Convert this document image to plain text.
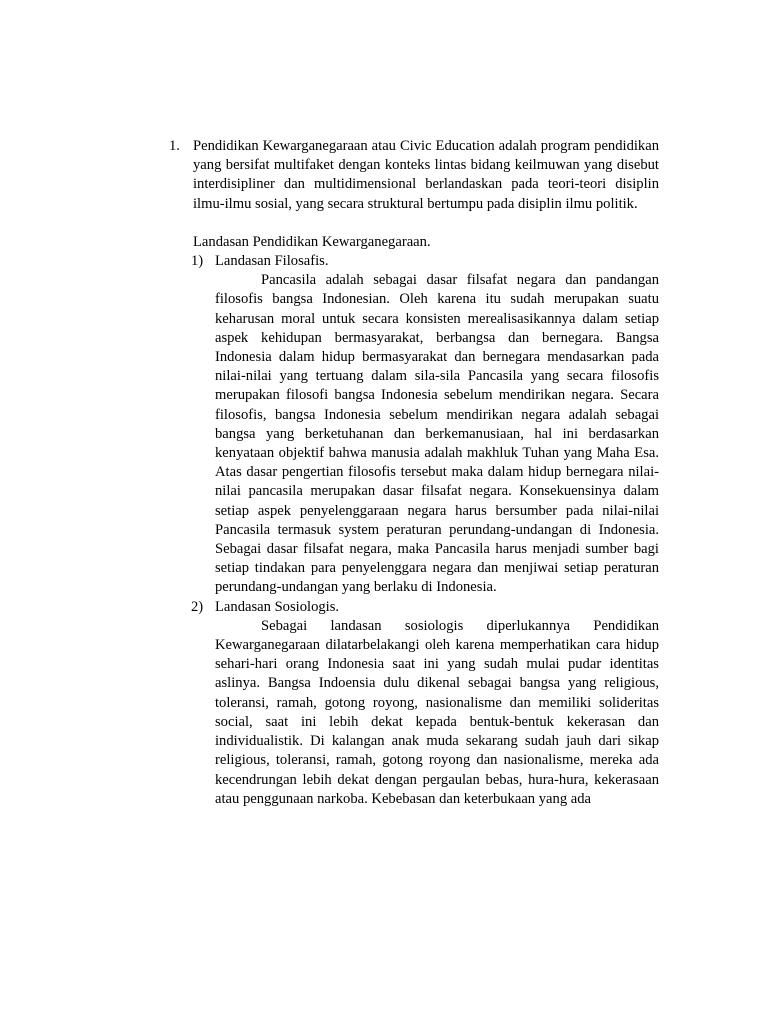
1. Pendidikan Kewarganegaraan atau Civic Education adalah program pendidikan yang bersifat multifaket dengan konteks lintas bidang keilmuwan yang disebut interdisipliner dan multidimensional berlandaskan pada teori-teori disiplin ilmu-ilmu sosial, yang secara struktural bertumpu pada disiplin ilmu politik.
Landasan Pendidikan Kewarganegaraan.
1) Landasan Filosafis.
Pancasila adalah sebagai dasar filsafat negara dan pandangan filosofis bangsa Indonesian. Oleh karena itu sudah merupakan suatu keharusan moral untuk secara konsisten merealisasikannya dalam setiap aspek kehidupan bermasyarakat, berbangsa dan bernegara. Bangsa Indonesia dalam hidup bermasyarakat dan bernegara mendasarkan pada nilai-nilai yang tertuang dalam sila-sila Pancasila yang secara filosofis merupakan filosofi bangsa Indonesia sebelum mendirikan negara. Secara filosofis, bangsa Indonesia sebelum mendirikan negara adalah sebagai bangsa yang berketuhanan dan berkemanusiaan, hal ini berdasarkan kenyataan objektif bahwa manusia adalah makhluk Tuhan yang Maha Esa. Atas dasar pengertian filosofis tersebut maka dalam hidup bernegara nilai-nilai pancasila merupakan dasar filsafat negara. Konsekuensinya dalam setiap aspek penyelenggaraan negara harus bersumber pada nilai-nilai Pancasila termasuk system peraturan perundang-undangan di Indonesia. Sebagai dasar filsafat negara, maka Pancasila harus menjadi sumber bagi setiap tindakan para penyelenggara negara dan menjiwai setiap peraturan perundang-undangan yang berlaku di Indonesia.
2) Landasan Sosiologis.
Sebagai landasan sosiologis diperlukannya Pendidikan Kewarganegaraan dilatarbelakangi oleh karena memperhatikan cara hidup sehari-hari orang Indonesia saat ini yang sudah mulai pudar identitas aslinya. Bangsa Indoensia dulu dikenal sebagai bangsa yang religious, toleransi, ramah, gotong royong, nasionalisme dan memiliki solideritas social, saat ini lebih dekat kepada bentuk-bentuk kekerasan dan individualistik. Di kalangan anak muda sekarang sudah jauh dari sikap religious, toleransi, ramah, gotong royong dan nasionalisme, mereka ada kecendrungan lebih dekat dengan pergaulan bebas, hura-hura, kekerasaan atau penggunaan narkoba. Kebebasan dan keterbukaan yang ada
